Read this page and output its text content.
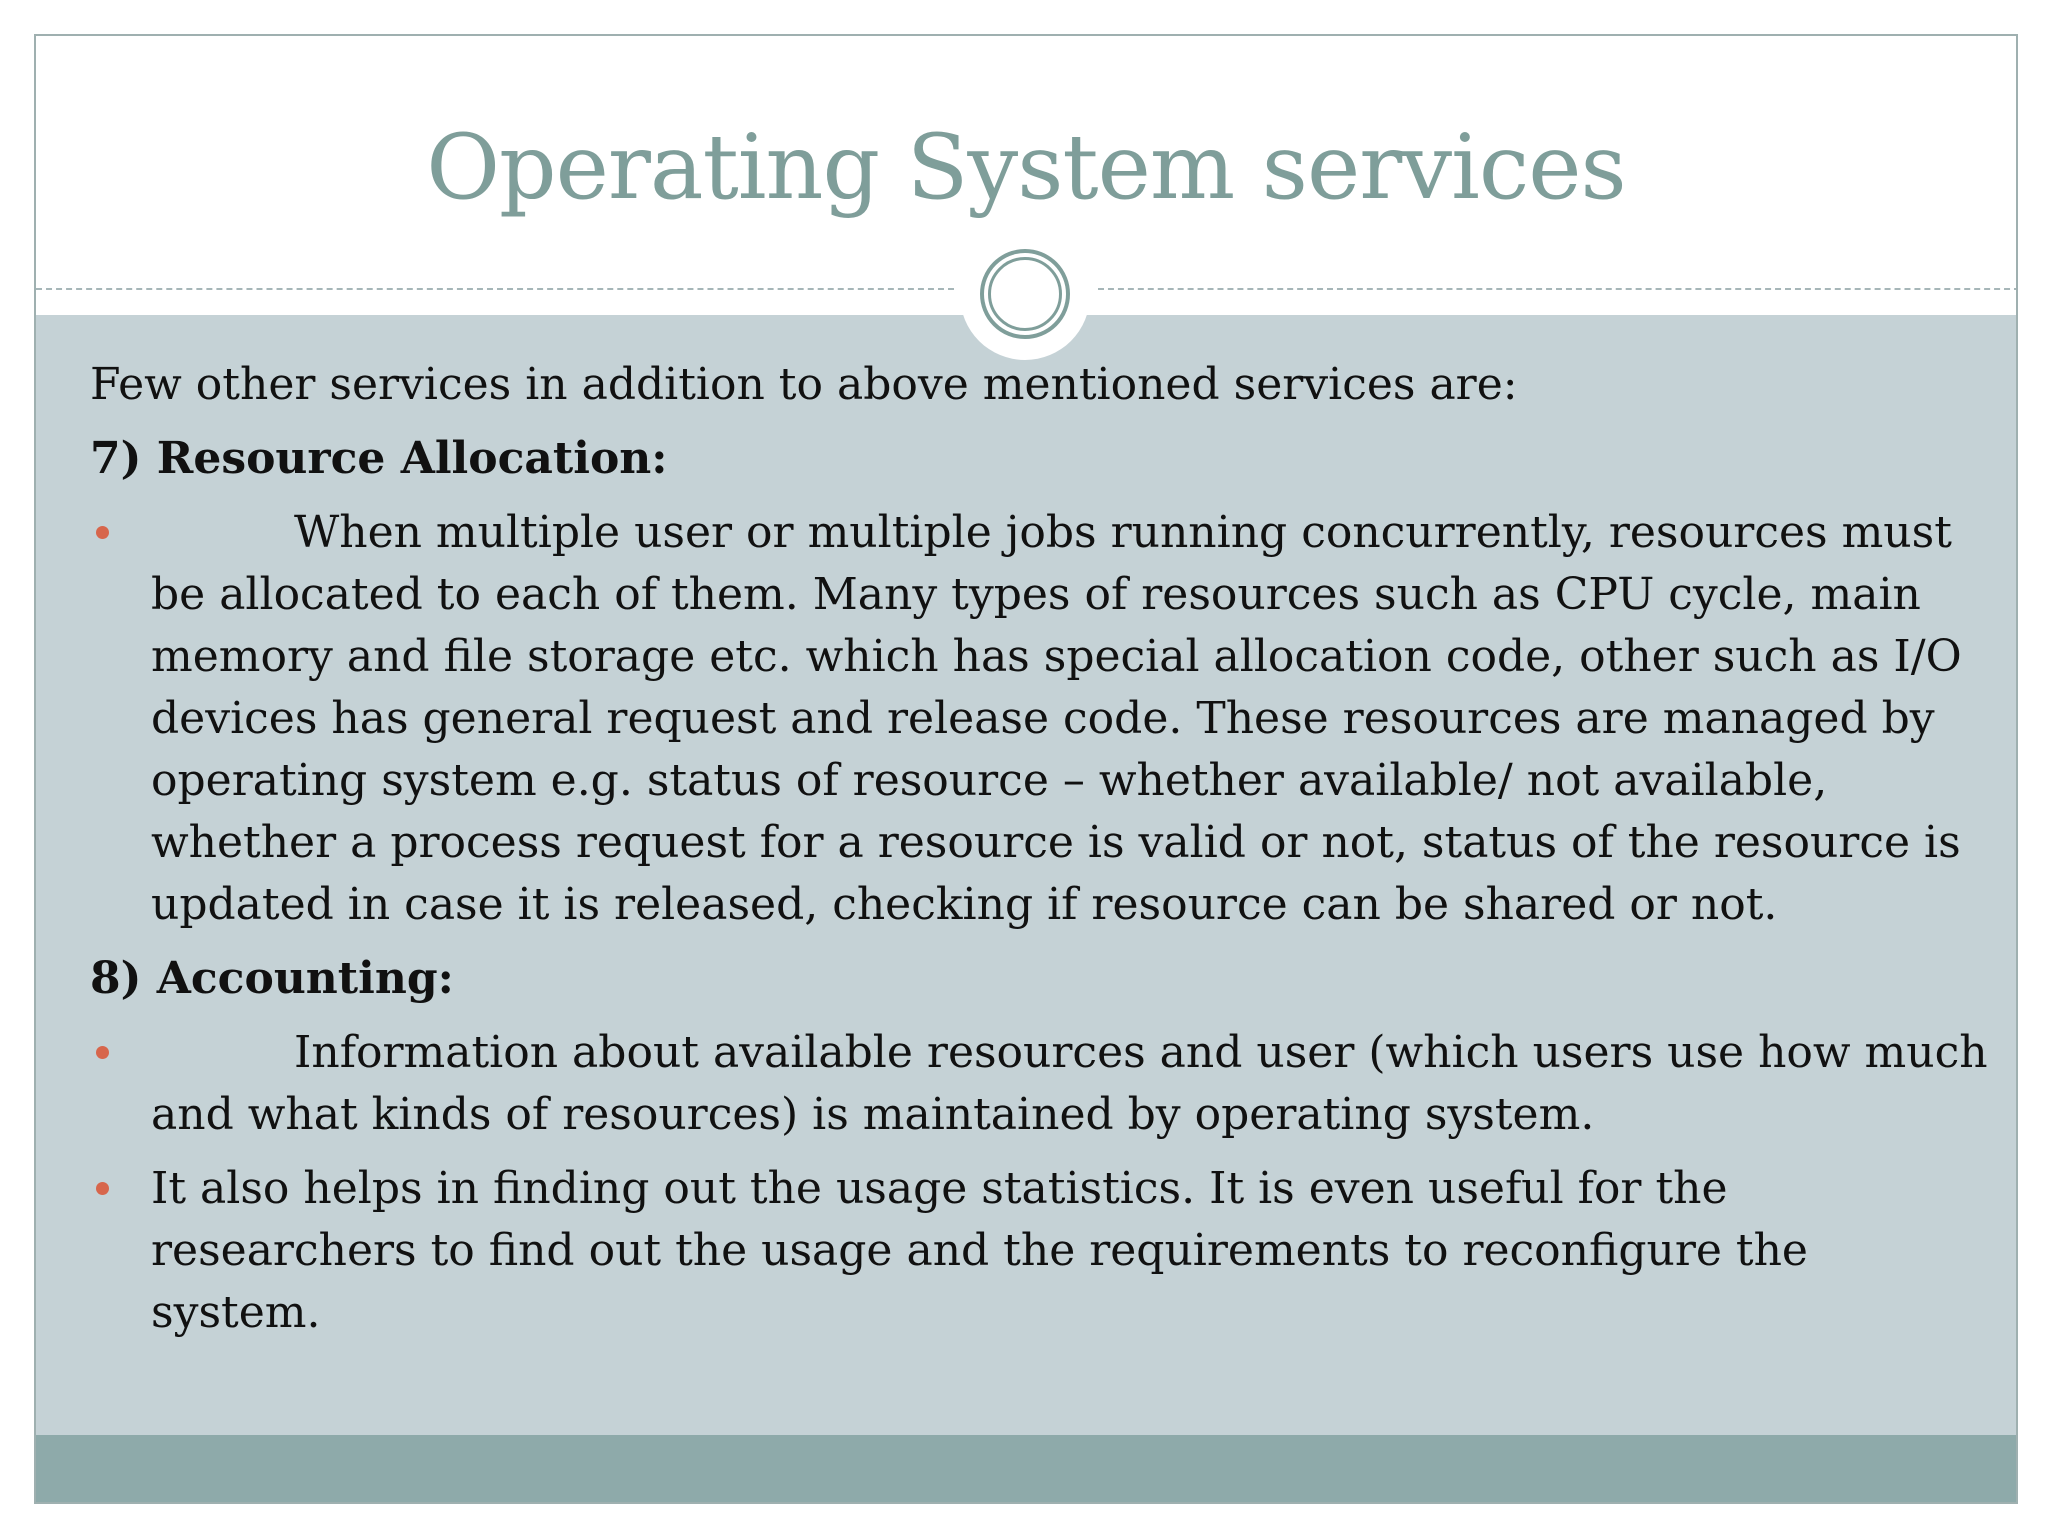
Operating System services

Few other services in addition to above mentioned services are:

7) Resource Allocation:

When multiple user or multiple jobs running concurrently, resources must be allocated to each of them. Many types of resources such as CPU cycle, main memory and file storage etc. which has special allocation code, other such as I/O devices has general request and release code. These resources are managed by operating system e.g. status of resource – whether available/ not available, whether a process request for a resource is valid or not, status of the resource is updated in case it is released, checking if resource can be shared or not.

8) Accounting:

Information about available resources and user (which users use how much and what kinds of resources) is maintained by operating system.
It also helps in finding out the usage statistics. It is even useful for the researchers to find out the usage and the requirements to reconfigure the system.
